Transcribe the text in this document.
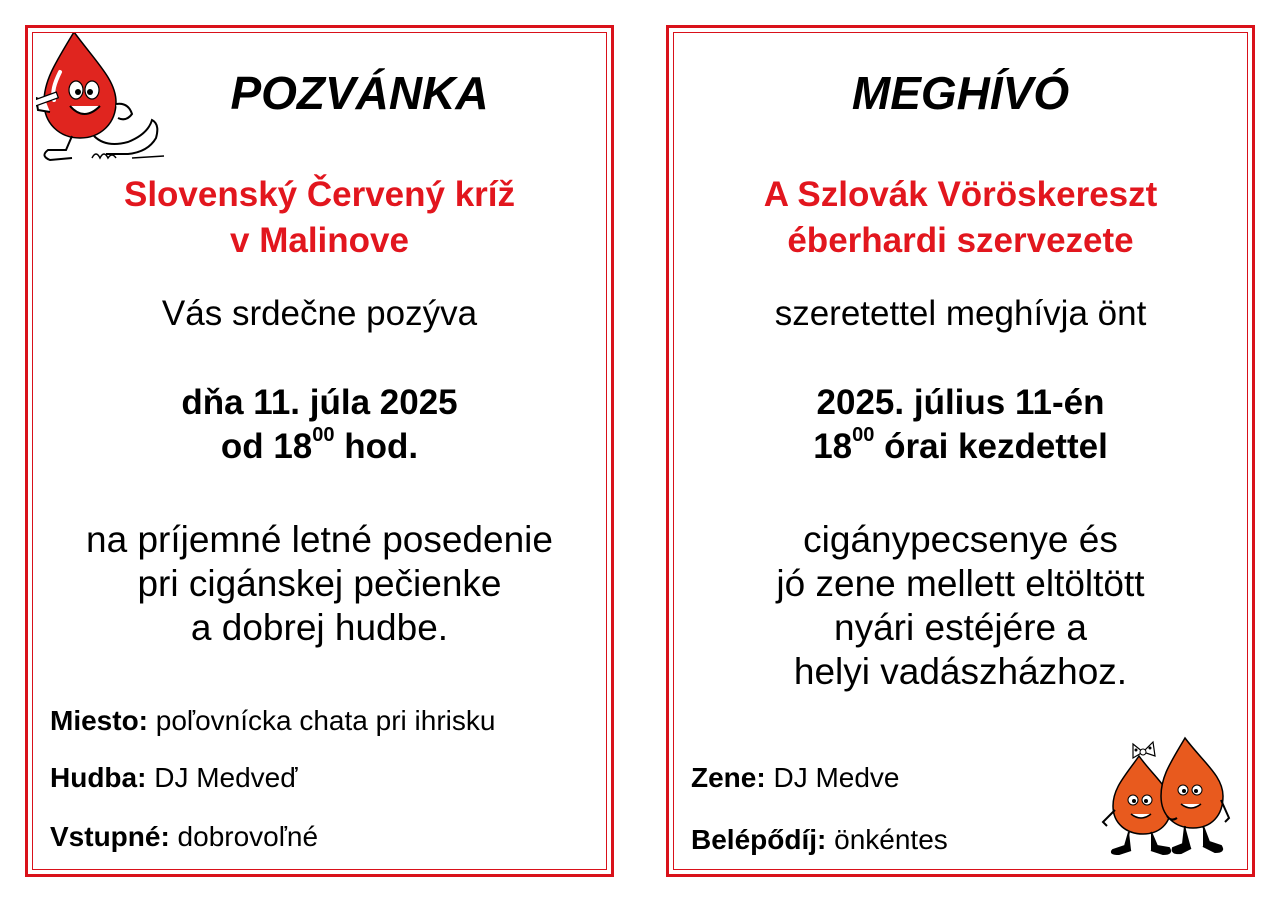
POZVÁNKA
Slovenský Červený kríž
v Malinove
Vás srdečne pozýva
dňa 11. júla 2025
od $18^{00}$ hod.
na príjemné letné posedenie
pri cigánskej pečienke
a dobrej hudbe.
Miesto: poľovnícka chata pri ihrisku
Hudba: DJ Medveď
Vstupné: dobrovoľné
MEGHÍVÓ
A Szlovák Vöröskereszt
éberhardi szervezete
szeretettel meghívja önt
2025. július 11-én
$18^{00}$ órai kezdettel
cigánypecsenye és
jó zene mellett eltöltött
nyári estéjére a
helyi vadászházhoz.
Zene: DJ Medve
Belépődíj: önkéntes
